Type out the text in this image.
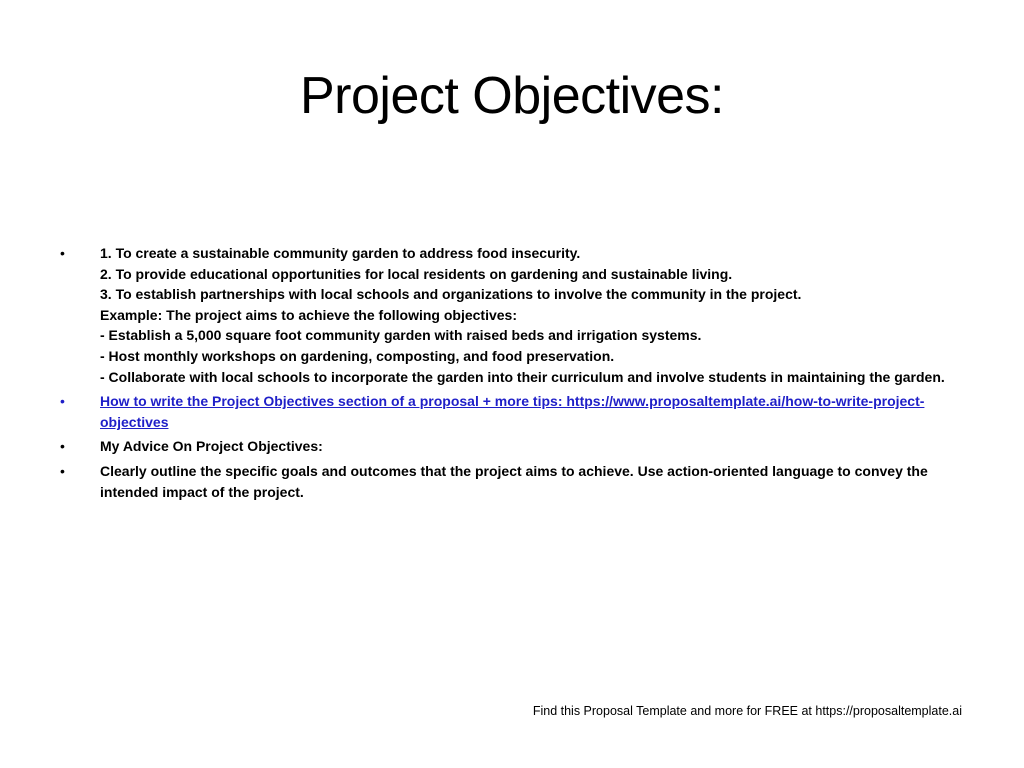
Project Objectives:
•	1. To create a sustainable community garden to address food insecurity.
2. To provide educational opportunities for local residents on gardening and sustainable living.
3. To establish partnerships with local schools and organizations to involve the community in the project.
Example: The project aims to achieve the following objectives:
- Establish a 5,000 square foot community garden with raised beds and irrigation systems.
- Host monthly workshops on gardening, composting, and food preservation.
- Collaborate with local schools to incorporate the garden into their curriculum and involve students in maintaining the garden.
•	How to write the Project Objectives section of a proposal + more tips: https://www.proposaltemplate.ai/how-to-write-project-objectives
•	My Advice On Project Objectives:
•	Clearly outline the specific goals and outcomes that the project aims to achieve. Use action-oriented language to convey the intended impact of the project.
Find this Proposal Template and more for FREE at https://proposaltemplate.ai
